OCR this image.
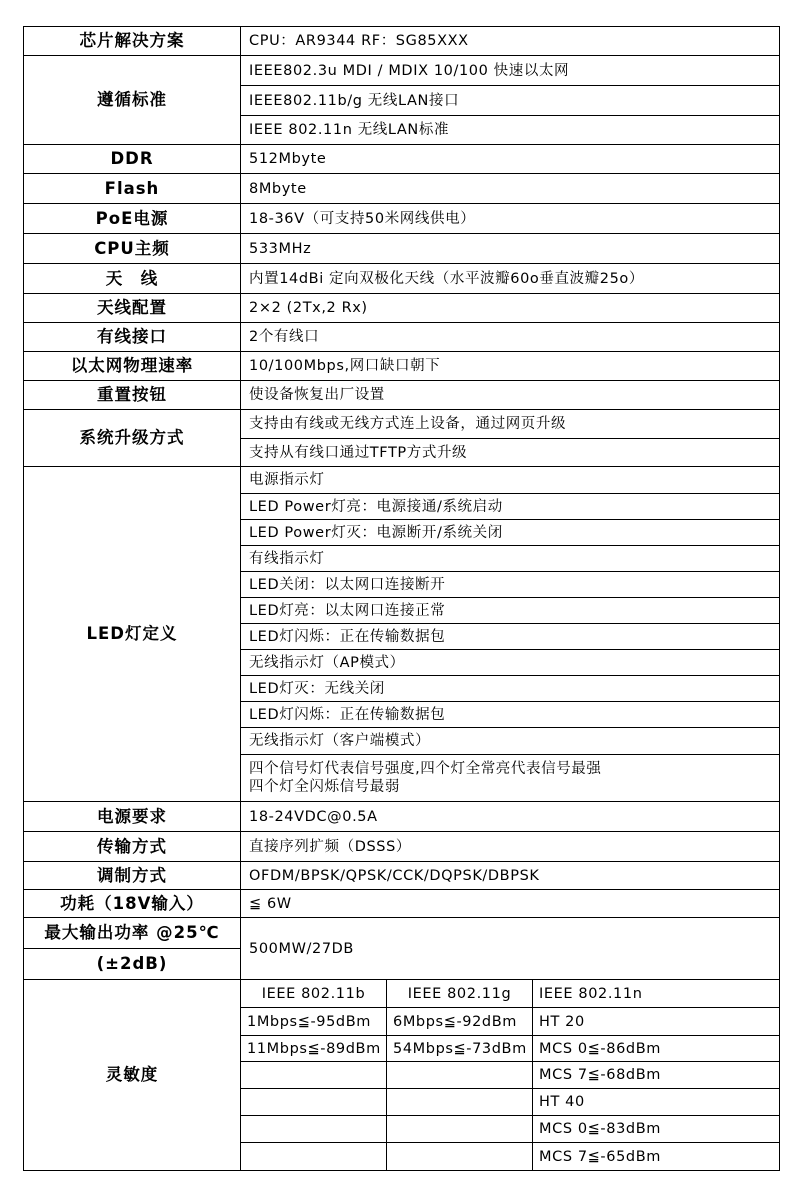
芯片解决方案	CPU：AR9344 RF：SG85XXX		
遵循标准	IEEE802.3u MDI / MDIX 10/100 快速以太网		
	IEEE802.11b/g 无线LAN接口		
	IEEE 802.11n 无线LAN标准		
DDR	512Mbyte		
Flash	8Mbyte		
PoE电源	18-36V（可支持50米网线供电）		
CPU主频	533MHz		
天　线	内置14dBi 定向双极化天线（水平波瓣60o垂直波瓣25o）		
天线配置	2×2 (2Tx,2 Rx)		
有线接口	2个有线口		
以太网物理速率	10/100Mbps,网口缺口朝下		
重置按钮	使设备恢复出厂设置		
系统升级方式	支持由有线或无线方式连上设备，通过网页升级		
	支持从有线口通过TFTP方式升级		
LED灯定义	电源指示灯		
	LED Power灯亮：电源接通/系统启动		
	LED Power灯灭：电源断开/系统关闭		
	有线指示灯		
	LED关闭：以太网口连接断开		
	LED灯亮：以太网口连接正常		
	LED灯闪烁：正在传输数据包		
	无线指示灯（AP模式）		
	LED灯灭：无线关闭		
	LED灯闪烁：正在传输数据包		
	无线指示灯（客户端模式）		

	四个信号灯代表信号强度,四个灯全常亮代表信号最强
四个灯全闪烁信号最弱		

电源要求	18-24VDC@0.5A		
传输方式	直接序列扩频（DSSS）		
调制方式	OFDM/BPSK/QPSK/CCK/DQPSK/DBPSK		
功耗（18V输入）	≦ 6W		
最大输出功率 @25℃	500MW/27DB		
(±2dB)			
灵敏度	IEEE 802.11b	IEEE 802.11g	IEEE 802.11n
	1Mbps≦-95dBm	6Mbps≦-92dBm	HT 20
	11Mbps≦-89dBm	54Mbps≦-73dBm	MCS 0≦-86dBm
			MCS 7≦-68dBm
			HT 40
			MCS 0≦-83dBm
			MCS 7≦-65dBm
